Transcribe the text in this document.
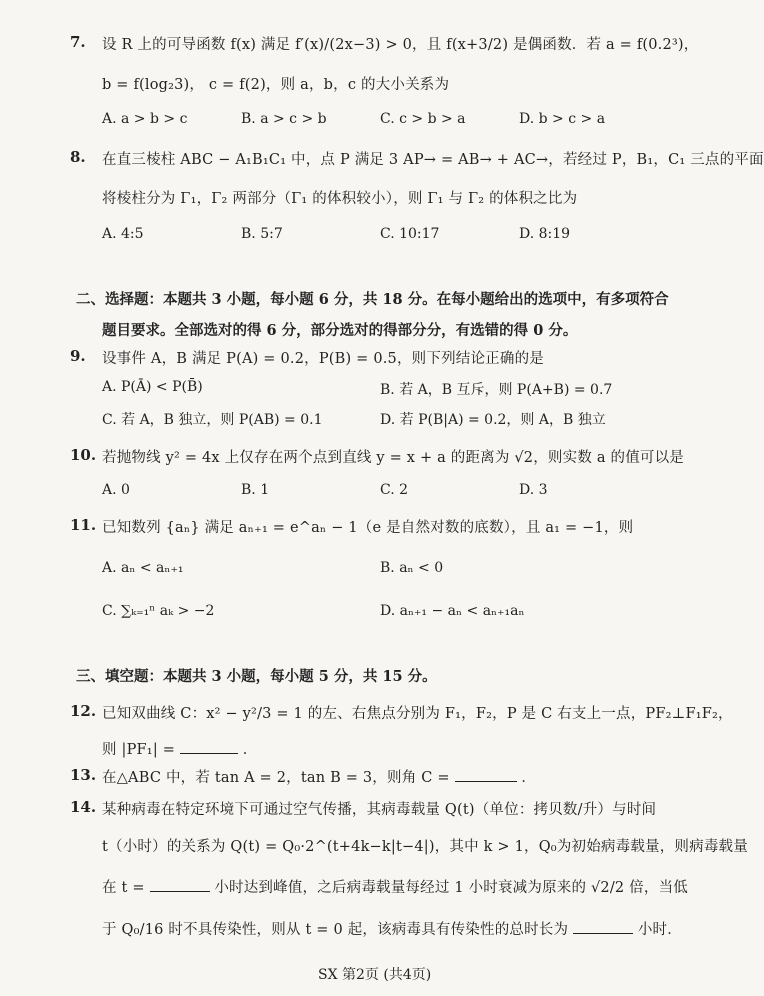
7. 设 R 上的可导函数 f(x) 满足 f′(x)/(2x−3) > 0，且 f(x+3/2) 是偶函数．若 a = f(0.2³)，
b = f(log₂3)， c = f(2)，则 a，b，c 的大小关系为
A. a > b > c	B. a > c > b	C. c > b > a	D. b > c > a
8. 在直三棱柱 ABC − A₁B₁C₁ 中，点 P 满足 3 AP→ = AB→ + AC→，若经过 P，B₁，C₁ 三点的平面
将棱柱分为 Γ₁，Γ₂ 两部分（Γ₁ 的体积较小），则 Γ₁ 与 Γ₂ 的体积之比为
A. 4:5	B. 5:7	C. 10:17	D. 8:19
二、选择题：本题共 3 小题，每小题 6 分，共 18 分。在每小题给出的选项中，有多项符合
题目要求。全部选对的得 6 分，部分选对的得部分分，有选错的得 0 分。
9. 设事件 A，B 满足 P(A) = 0.2，P(B) = 0.5，则下列结论正确的是
A. P(Ā) < P(B̄)	B. 若 A，B 互斥，则 P(A+B) = 0.7
C. 若 A，B 独立，则 P(AB) = 0.1	D. 若 P(B|A) = 0.2，则 A，B 独立
10. 若抛物线 y² = 4x 上仅存在两个点到直线 y = x + a 的距离为 √2，则实数 a 的值可以是
A. 0	B. 1	C. 2	D. 3
11. 已知数列 {aₙ} 满足 aₙ₊₁ = e^aₙ − 1（e 是自然对数的底数），且 a₁ = −1，则
A. aₙ < aₙ₊₁	B. aₙ < 0
C. ∑ₖ₌₁ⁿ aₖ > −2	D. aₙ₊₁ − aₙ < aₙ₊₁aₙ
三、填空题：本题共 3 小题，每小题 5 分，共 15 分。
12. 已知双曲线 C：x² − y²/3 = 1 的左、右焦点分别为 F₁，F₂，P 是 C 右支上一点，PF₂⊥F₁F₂，
则 |PF₁| =	．
13. 在△ABC 中，若 tan A = 2，tan B = 3，则角 C =	．
14. 某种病毒在特定环境下可通过空气传播，其病毒载量 Q(t)（单位：拷贝数/升）与时间
t（小时）的关系为 Q(t) = Q₀·2^(t+4k−k|t−4|)，其中 k > 1，Q₀为初始病毒载量，则病毒载量
在 t =	小时达到峰值，之后病毒载量每经过 1 小时衰减为原来的 √2/2 倍，当低
于 Q₀/16 时不具传染性，则从 t = 0 起，该病毒具有传染性的总时长为	小时．
SX 第2页 (共4页)
